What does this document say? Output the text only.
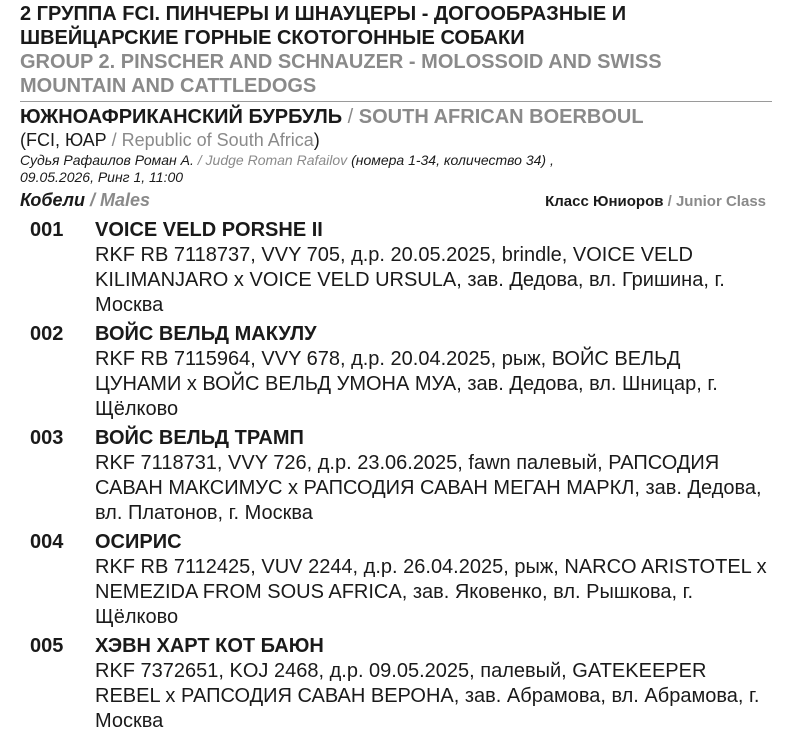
2 ГРУППА FCI. ПИНЧЕРЫ И ШНАУЦЕРЫ - ДОГООБРАЗНЫЕ И ШВЕЙЦАРСКИЕ ГОРНЫЕ СКОТОГОННЫЕ СОБАКИ
GROUP 2. PINSCHER AND SCHNAUZER - MOLOSSOID AND SWISS MOUNTAIN AND CATTLEDOGS
ЮЖНОАФРИКАНСКИЙ БУРБУЛЬ / SOUTH AFRICAN BOERBOUL
(FCI, ЮАР / Republic of South Africa)
Судья Рафаилов Роман А. / Judge Roman Rafailov (номера 1-34, количество 34) ,
09.05.2026, Ринг 1, 11:00
Кобели / Males	Класс Юниоров / Junior Class
001	VOICE VELD PORSHE II
RKF RB 7118737, VVY 705, д.р. 20.05.2025, brindle, VOICE VELD KILIMANJARO x VOICE VELD URSULA, зав. Дедова, вл. Гришина, г. Москва
002	ВОЙС ВЕЛЬД МАКУЛУ
RKF RB 7115964, VVY 678, д.р. 20.04.2025, рыж, ВОЙС ВЕЛЬД ЦУНАМИ x ВОЙС ВЕЛЬД УМОНА МУА, зав. Дедова, вл. Шницар, г. Щёлково
003	ВОЙС ВЕЛЬД ТРАМП
RKF 7118731, VVY 726, д.р. 23.06.2025, fawn палевый, РАПСОДИЯ САВАН МАКСИМУС x РАПСОДИЯ САВАН МЕГАН МАРКЛ, зав. Дедова, вл. Платонов, г. Москва
004	ОСИРИС
RKF RB 7112425, VUV 2244, д.р. 26.04.2025, рыж, NARCO ARISTOTEL x NEMEZIDA FROM SOUS AFRICA, зав. Яковенко, вл. Рышкова, г. Щёлково
005	ХЭВН ХАРТ КОТ БАЮН
RKF 7372651, KOJ 2468, д.р. 09.05.2025, палевый, GATEKEEPER REBEL x РАПСОДИЯ САВАН ВЕРОНА, зав. Абрамова, вл. Абрамова, г. Москва
